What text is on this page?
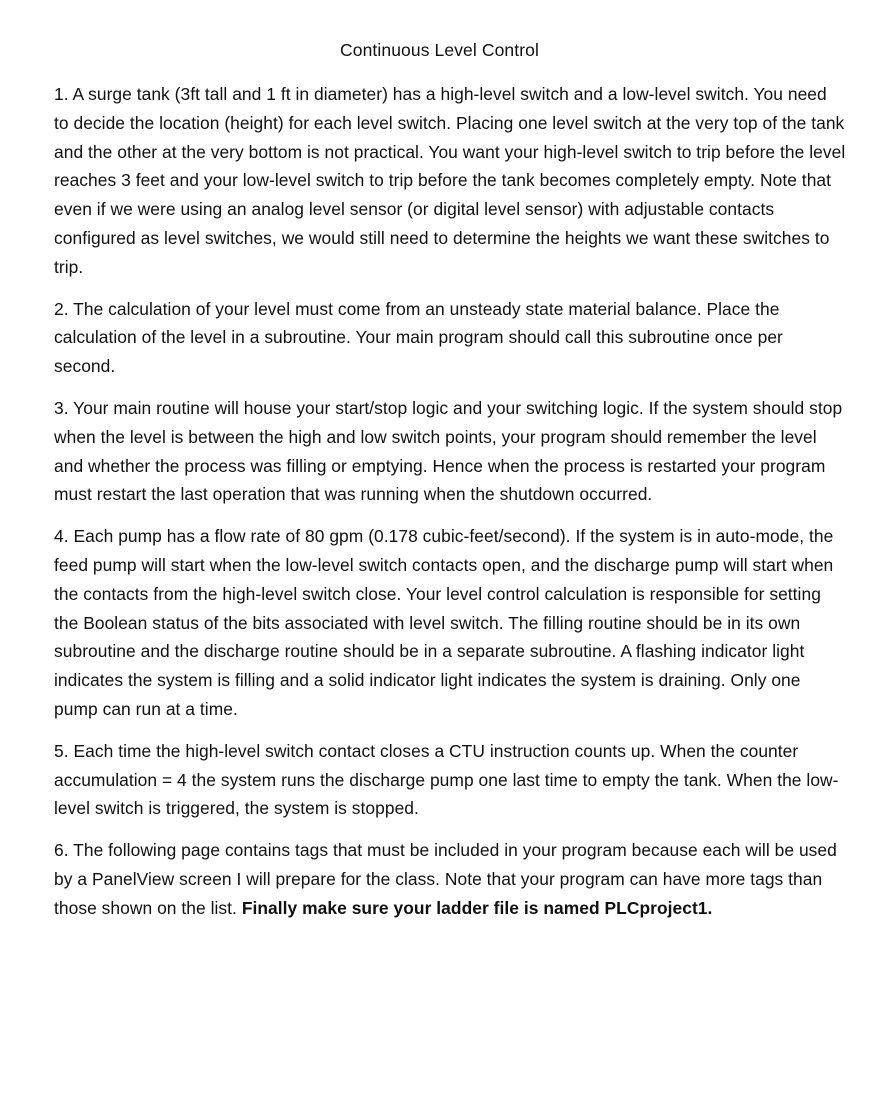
Continuous Level Control

1. A surge tank (3ft tall and 1 ft in diameter) has a high-level switch and a low-level switch. You need to decide the location (height) for each level switch. Placing one level switch at the very top of the tank and the other at the very bottom is not practical. You want your high-level switch to trip before the level reaches 3 feet and your low-level switch to trip before the tank becomes completely empty. Note that even if we were using an analog level sensor (or digital level sensor) with adjustable contacts configured as level switches, we would still need to determine the heights we want these switches to trip.

2. The calculation of your level must come from an unsteady state material balance. Place the calculation of the level in a subroutine. Your main program should call this subroutine once per second.

3. Your main routine will house your start/stop logic and your switching logic. If the system should stop when the level is between the high and low switch points, your program should remember the level and whether the process was filling or emptying. Hence when the process is restarted your program must restart the last operation that was running when the shutdown occurred.

4. Each pump has a flow rate of 80 gpm (0.178 cubic-feet/second). If the system is in auto-mode, the feed pump will start when the low-level switch contacts open, and the discharge pump will start when the contacts from the high-level switch close. Your level control calculation is responsible for setting the Boolean status of the bits associated with level switch. The filling routine should be in its own subroutine and the discharge routine should be in a separate subroutine. A flashing indicator light indicates the system is filling and a solid indicator light indicates the system is draining. Only one pump can run at a time.

5. Each time the high-level switch contact closes a CTU instruction counts up. When the counter accumulation = 4 the system runs the discharge pump one last time to empty the tank. When the low-level switch is triggered, the system is stopped.

6. The following page contains tags that must be included in your program because each will be used by a PanelView screen I will prepare for the class. Note that your program can have more tags than those shown on the list. Finally make sure your ladder file is named PLCproject1.
